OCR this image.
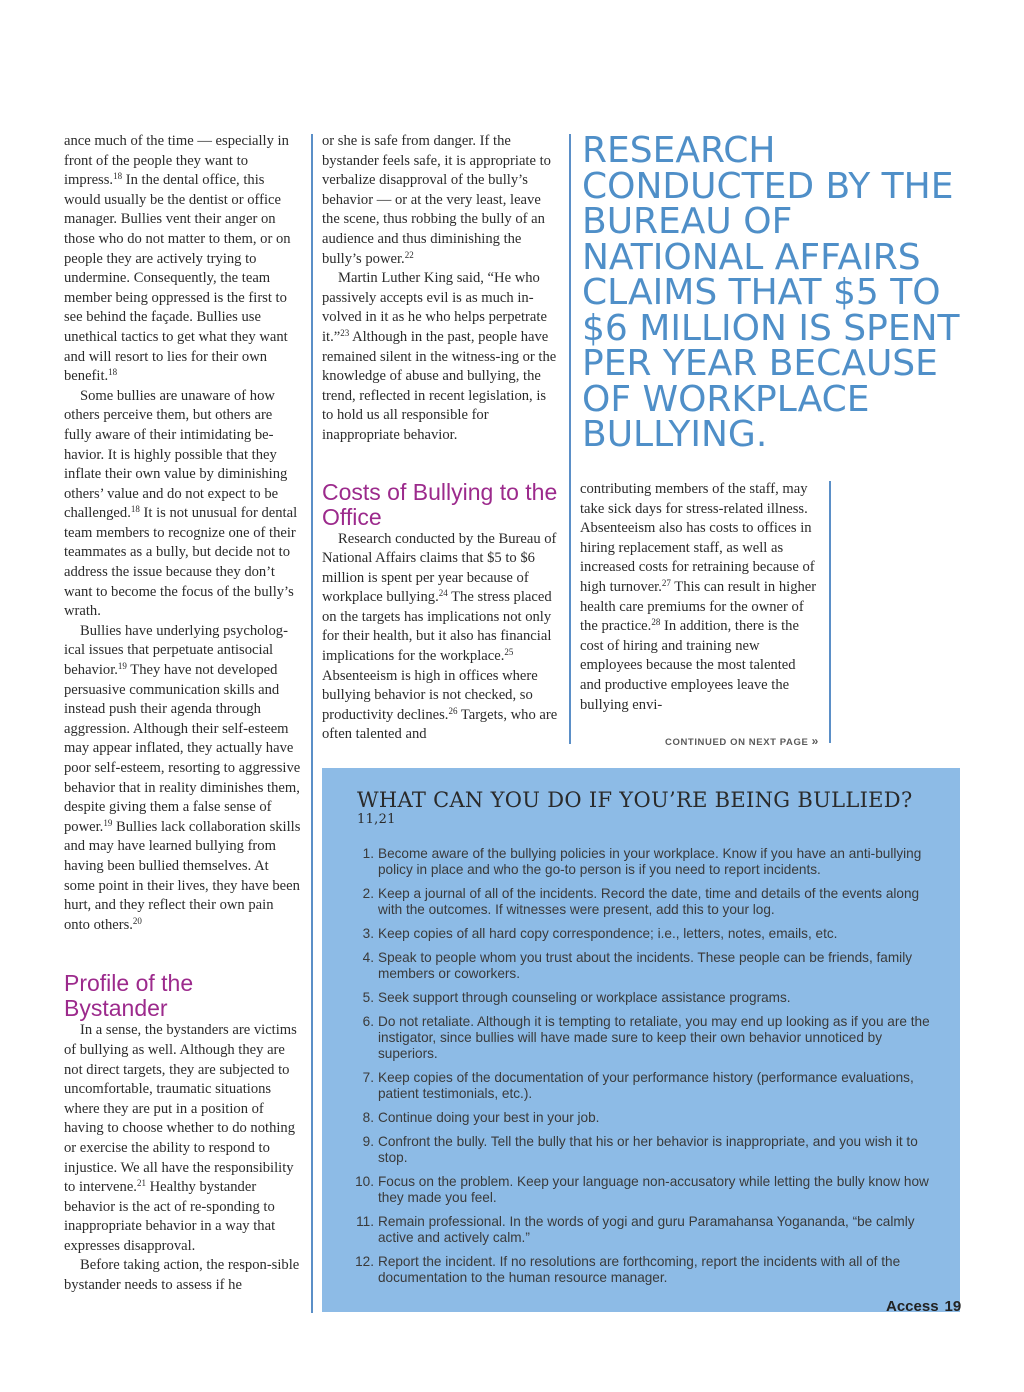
ance much of the time — especially in front of the people they want to impress.$^{18}$ In the dental office, this would usually be the dentist or office manager. Bullies vent their anger on those who do not matter to them, or on people they are actively trying to undermine. Consequently, the team member being oppressed is the first to see behind the façade. Bullies use unethical tactics to get what they want and will resort to lies for their own benefit.$^{18}$

Some bullies are unaware of how others perceive them, but others are fully aware of their intimidating be-havior. It is highly possible that they inflate their own value by diminishing others’ value and do not expect to be challenged.$^{18}$ It is not unusual for dental team members to recognize one of their teammates as a bully, but decide not to address the issue because they don’t want to become the focus of the bully’s wrath.

Bullies have underlying psycholog-ical issues that perpetuate antisocial behavior.$^{19}$ They have not developed persuasive communication skills and instead push their agenda through aggression. Although their self-esteem may appear inflated, they actually have poor self-esteem, resorting to aggressive behavior that in reality diminishes them, despite giving them a false sense of power.$^{19}$ Bullies lack collaboration skills and may have learned bullying from having been bullied themselves. At some point in their lives, they have been hurt, and they reflect their own pain onto others.$^{20}$

Profile of the Bystander

In a sense, the bystanders are victims of bullying as well. Although they are not direct targets, they are subjected to uncomfortable, traumatic situations where they are put in a position of having to choose whether to do nothing or exercise the ability to respond to injustice. We all have the responsibility to intervene.$^{21}$ Healthy bystander behavior is the act of re-sponding to inappropriate behavior in a way that expresses disapproval.

Before taking action, the respon-sible bystander needs to assess if he

or she is safe from danger. If the bystander feels safe, it is appropriate to verbalize disapproval of the bully’s behavior — or at the very least, leave the scene, thus robbing the bully of an audience and thus diminishing the bully’s power.$^{22}$

Martin Luther King said, “He who passively accepts evil is as much in-volved in it as he who helps perpetrate it.”$^{23}$ Although in the past, people have remained silent in the witness-ing or the knowledge of abuse and bullying, the trend, reflected in recent legislation, is to hold us all responsible for inappropriate behavior.

Costs of Bullying to the Office

Research conducted by the Bureau of National Affairs claims that $5 to $6 million is spent per year because of workplace bullying.$^{24}$ The stress placed on the targets has implications not only for their health, but it also has financial implications for the workplace.$^{25}$ Absenteeism is high in offices where bullying behavior is not checked, so productivity declines.$^{26}$ Targets, who are often talented and

RESEARCH CONDUCTED BY THE BUREAU OF NATIONAL AFFAIRS CLAIMS THAT $5 TO $6 MILLION IS SPENT PER YEAR BECAUSE OF WORKPLACE BULLYING.

contributing members of the staff, may take sick days for stress-related illness. Absenteeism also has costs to offices in hiring replacement staff, as well as increased costs for retraining because of high turnover.$^{27}$ This can result in higher health care premiums for the owner of the practice.$^{28}$ In addition, there is the cost of hiring and training new employees because the most talented and productive employees leave the bullying envi-

CONTINUED ON NEXT PAGE »
WHAT CAN YOU DO IF YOU’RE BEING BULLIED?$^{11,21}$
1. Become aware of the bullying policies in your workplace. Know if you have an anti-bullying policy in place and who the go-to person is if you need to report incidents.
2. Keep a journal of all of the incidents. Record the date, time and details of the events along with the outcomes. If witnesses were present, add this to your log.
3. Keep copies of all hard copy correspondence; i.e., letters, notes, emails, etc.
4. Speak to people whom you trust about the incidents. These people can be friends, family members or coworkers.
5. Seek support through counseling or workplace assistance programs.
6. Do not retaliate. Although it is tempting to retaliate, you may end up looking as if you are the instigator, since bullies will have made sure to keep their own behavior unnoticed by superiors.
7. Keep copies of the documentation of your performance history (performance evaluations, patient testimonials, etc.).
8. Continue doing your best in your job.
9. Confront the bully. Tell the bully that his or her behavior is inappropriate, and you wish it to stop.
10. Focus on the problem. Keep your language non-accusatory while letting the bully know how they made you feel.
11. Remain professional. In the words of yogi and guru Paramahansa Yogananda, “be calmly active and actively calm.”
12. Report the incident. If no resolutions are forthcoming, report the incidents with all of the documentation to the human resource manager.
Access 19
